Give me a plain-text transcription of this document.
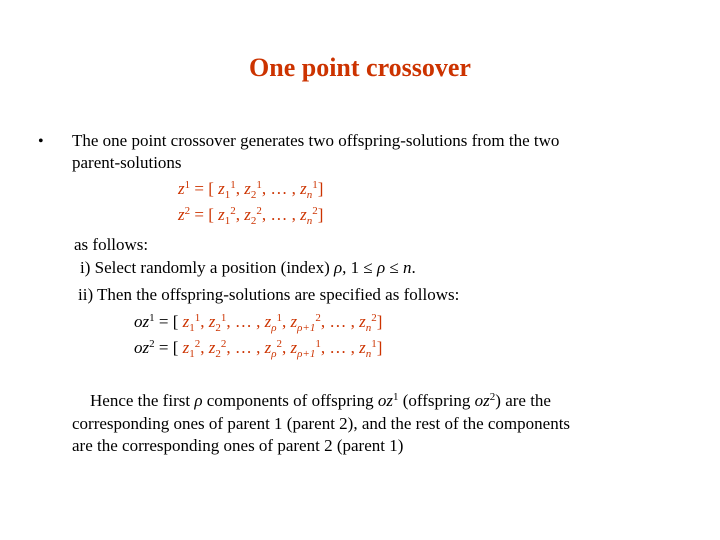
One point crossover
• The one point crossover generates two offspring-solutions from the two
parent-solutions
$z^1$ = [ $z_1^1$, $z_2^1$, … , $z_n^1$]
$z^2$ = [ $z_1^2$, $z_2^2$, … , $z_n^2$]
as follows:
i) Select randomly a position (index) ρ, 1 ≤ ρ ≤ n.
ii) Then the offspring-solutions are specified as follows:
$oz^1$ = [ $z_1^1$, $z_2^1$, … , $z_\rho^1$, $z_{\rho+1}^2$, … , $z_n^2$]
$oz^2$ = [ $z_1^2$, $z_2^2$, … , $z_\rho^2$, $z_{\rho+1}^1$, … , $z_n^1$]
Hence the first ρ components of offspring $oz^1$ (offspring $oz^2$) are the
corresponding ones of parent 1 (parent 2), and the rest of the components
are the corresponding ones of parent 2 (parent 1)
